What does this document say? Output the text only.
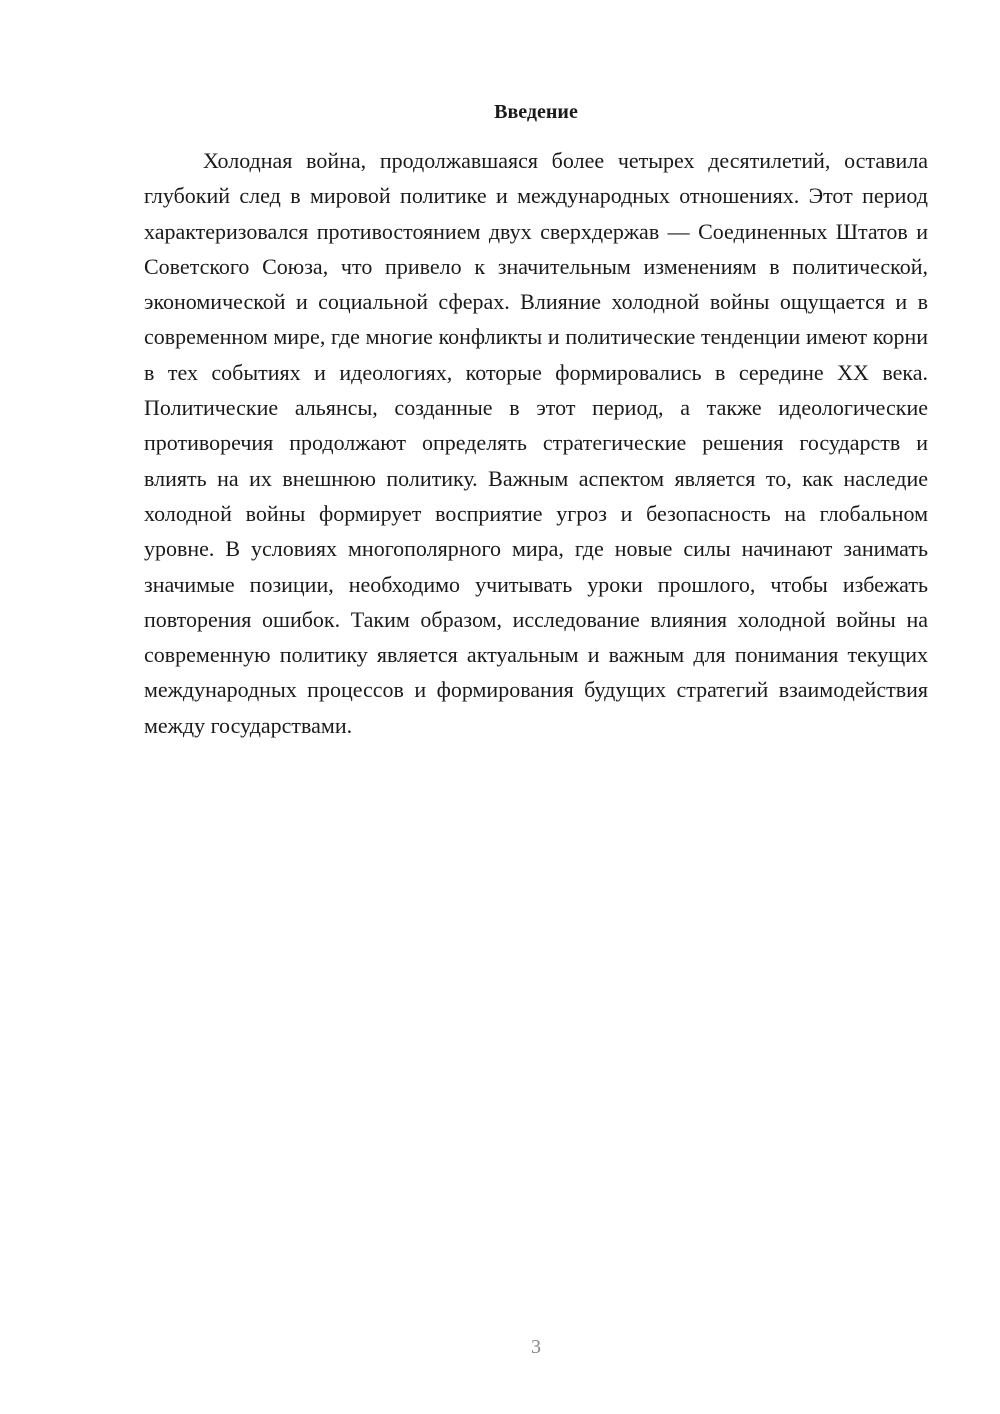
Введение

Холодная война, продолжавшаяся более четырех десятилетий, оставила глубокий след в мировой политике и международных отношениях. Этот период характеризовался противостоянием двух сверхдержав — Соединенных Штатов и Советского Союза, что привело к значительным изменениям в политической, экономической и социальной сферах. Влияние холодной войны ощущается и в современном мире, где многие конфликты и политические тенденции имеют корни в тех событиях и идеологиях, которые формировались в середине XX века. Политические альянсы, созданные в этот период, а также идеологические противоречия продолжают определять стратегические решения государств и влиять на их внешнюю политику. Важным аспектом является то, как наследие холодной войны формирует восприятие угроз и безопасность на глобальном уровне. В условиях многополярного мира, где новые силы начинают занимать значимые позиции, необходимо учитывать уроки прошлого, чтобы избежать повторения ошибок. Таким образом, исследование влияния холодной войны на современную политику является актуальным и важным для понимания текущих международных процессов и формирования будущих стратегий взаимодействия между государствами.

3
